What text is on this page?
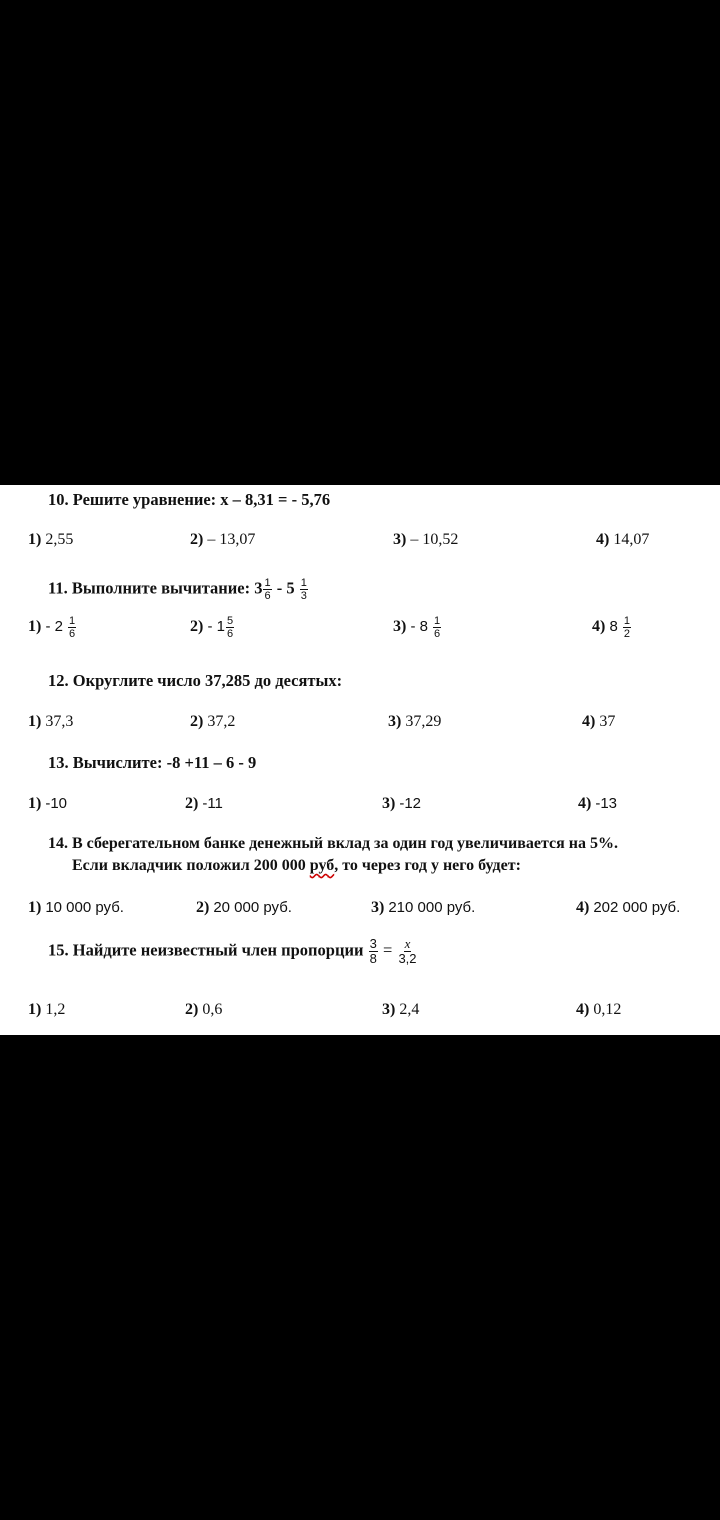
10. Решите уравнение: х – 8,31 = - 5,76
1) 2,55	2) – 13,07	3) – 10,52	4) 14,07
11. Выполните вычитание: $3 \frac{1}{6} - 5 \frac{1}{3}$
$1) - 2 \frac{1}{6}$	$2) - 1 \frac{5}{6}$	$3) - 8 \frac{1}{6}$	4) $8 \frac{1}{2}$
12. Округлите число 37,285 до десятых:
1) 37,3	2) 37,2	3) 37,29	4) 37
13. Вычислите: -8 +11 – 6 - 9
1) -10	2) -11	3) -12	4) -13
14. В сберегательном банке денежный вклад за один год увеличивается на 5%.
Если вкладчик положил 200 000 руб, то через год у него будет:
1) 10 000 руб.	2) 20 000 руб.	3) 210 000 руб.	4) 202 000 руб.
15. Найдите неизвестный член пропорции $\frac{3}{8} = \frac{x}{3,2}$
1) 1,2	2) 0,6	3) 2,4	4) 0,12
